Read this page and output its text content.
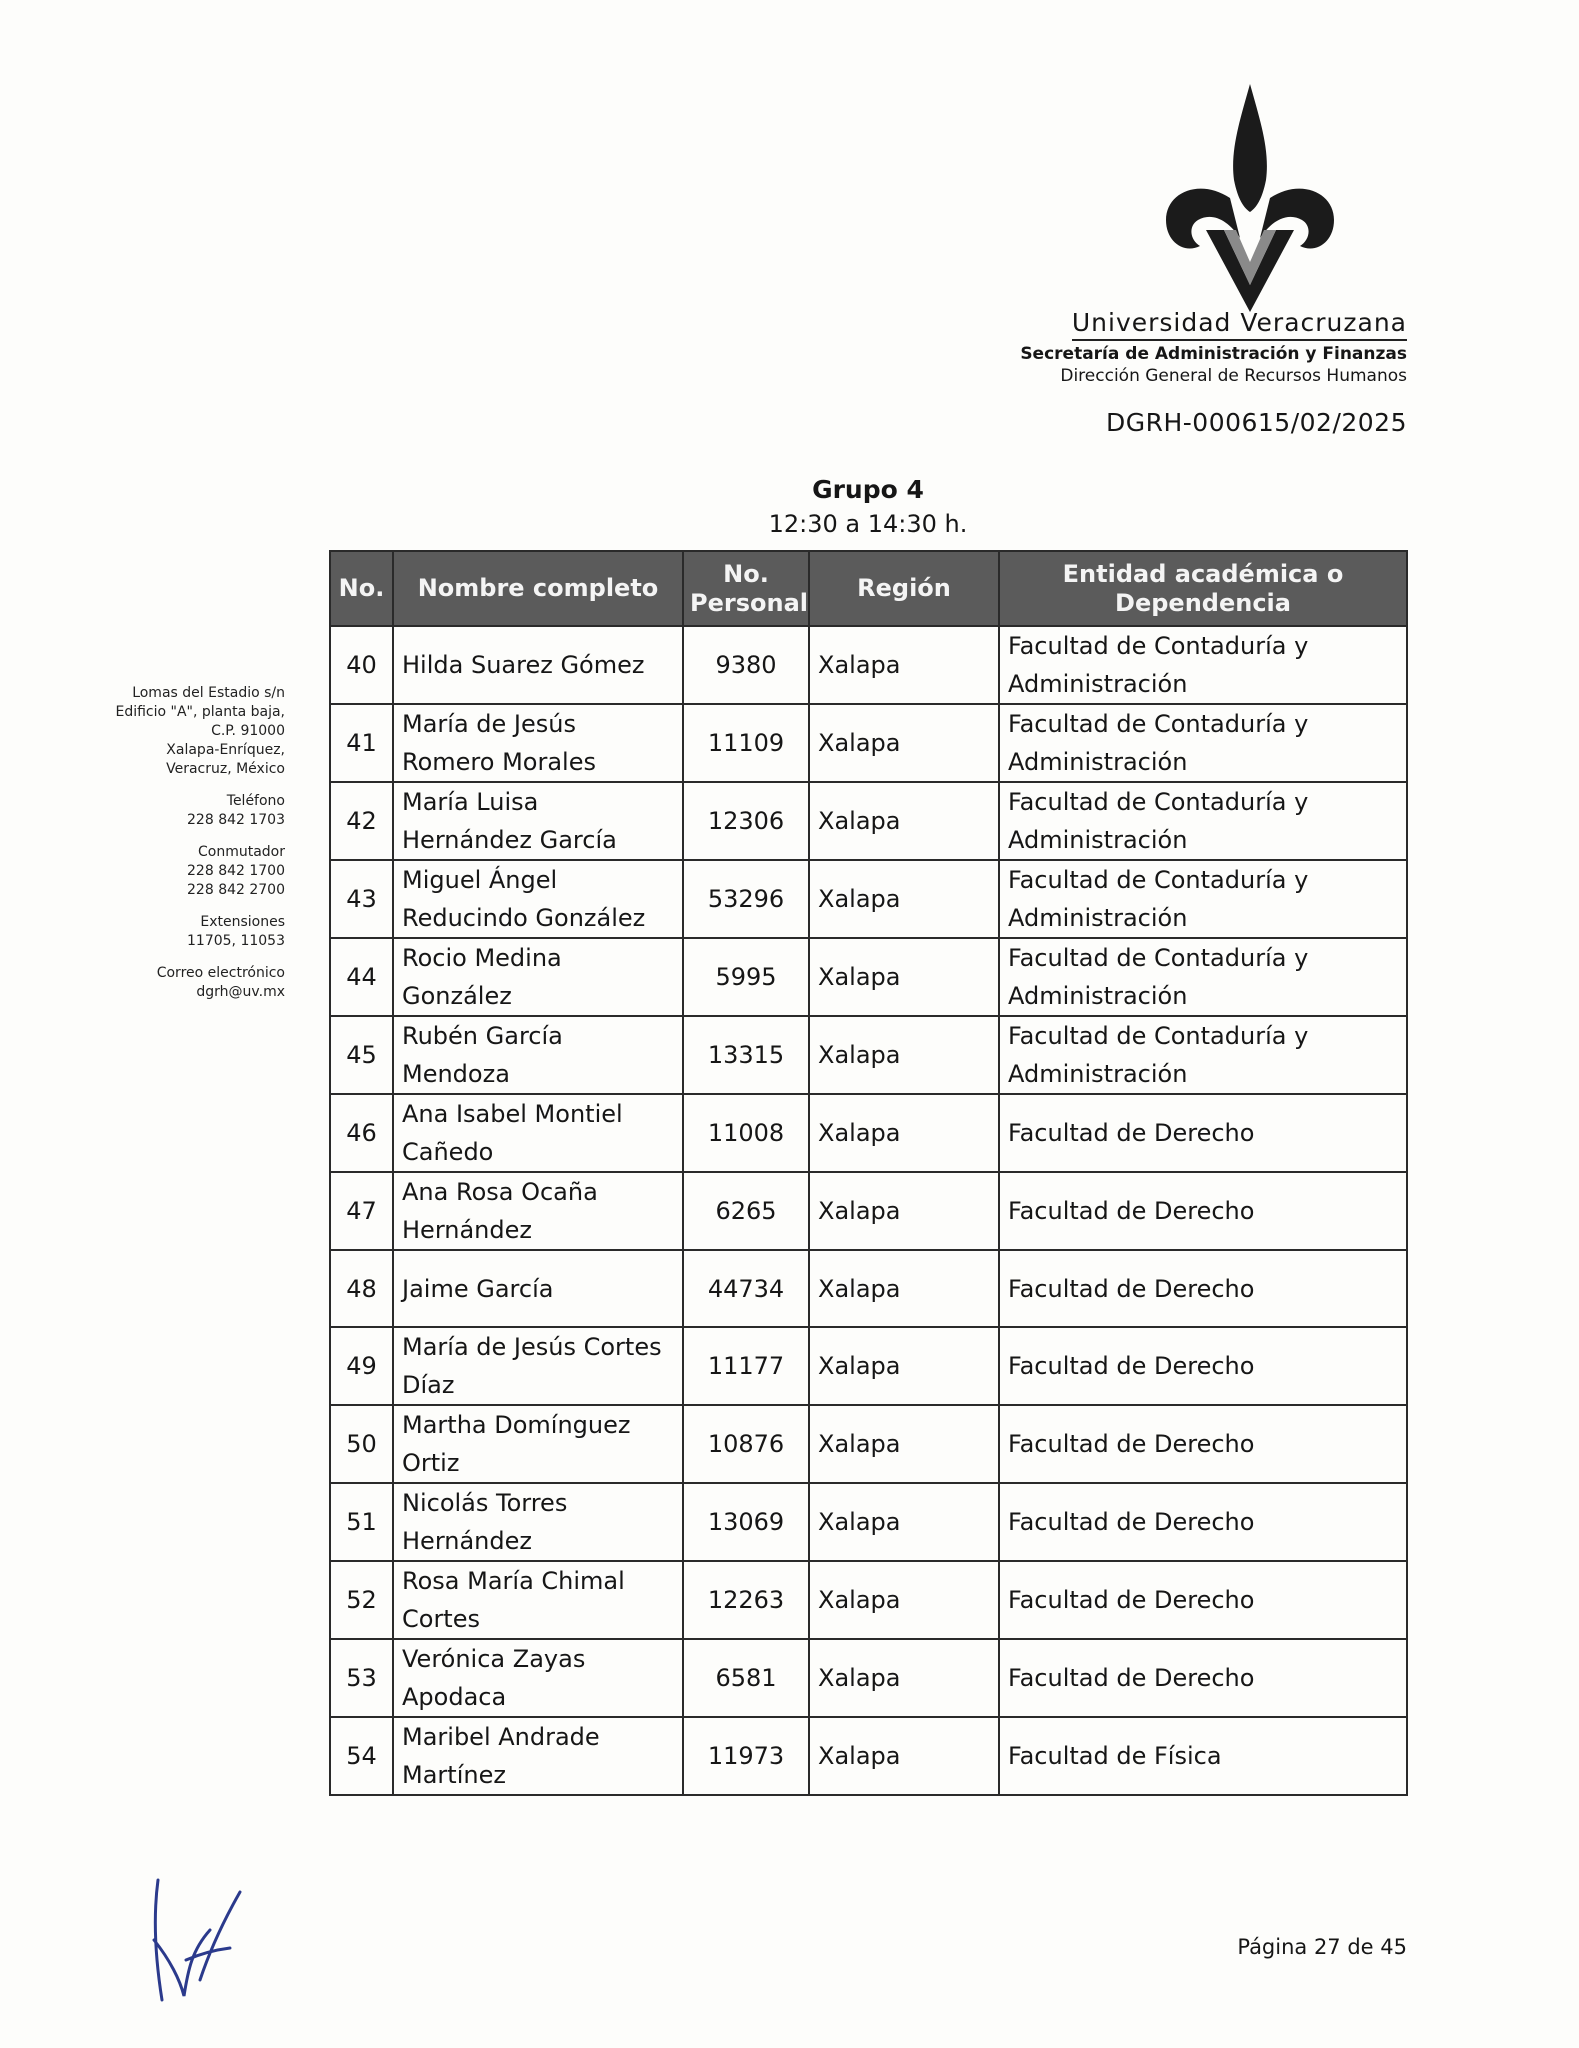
Universidad Veracruzana
Secretaría de Administración y Finanzas
Dirección General de Recursos Humanos
DGRH-000615/02/2025
Grupo 4
12:30 a 14:30 h.

Lomas del Estadio s/n
Edificio "A", planta baja,
C.P. 91000
Xalapa-Enríquez,
Veracruz, México

Teléfono
228 842 1703

Conmutador
228 842 1700
228 842 2700

Extensiones
11705, 11053

Correo electrónico
dgrh@uv.mx

No.	Nombre completo	No. Personal	Región	Entidad académica o Dependencia
40	Hilda Suarez Gómez	9380	Xalapa	Facultad de Contaduría y Administración
41	María de Jesús Romero Morales	11109	Xalapa	Facultad de Contaduría y Administración
42	María Luisa Hernández García	12306	Xalapa	Facultad de Contaduría y Administración
43	Miguel Ángel Reducindo González	53296	Xalapa	Facultad de Contaduría y Administración
44	Rocio Medina González	5995	Xalapa	Facultad de Contaduría y Administración
45	Rubén García Mendoza	13315	Xalapa	Facultad de Contaduría y Administración
46	Ana Isabel Montiel Cañedo	11008	Xalapa	Facultad de Derecho
47	Ana Rosa Ocaña Hernández	6265	Xalapa	Facultad de Derecho
48	Jaime García	44734	Xalapa	Facultad de Derecho
49	María de Jesús Cortes Díaz	11177	Xalapa	Facultad de Derecho
50	Martha Domínguez Ortiz	10876	Xalapa	Facultad de Derecho
51	Nicolás Torres Hernández	13069	Xalapa	Facultad de Derecho
52	Rosa María Chimal Cortes	12263	Xalapa	Facultad de Derecho
53	Verónica Zayas Apodaca	6581	Xalapa	Facultad de Derecho
54	Maribel Andrade Martínez	11973	Xalapa	Facultad de Física
Página 27 de 45
